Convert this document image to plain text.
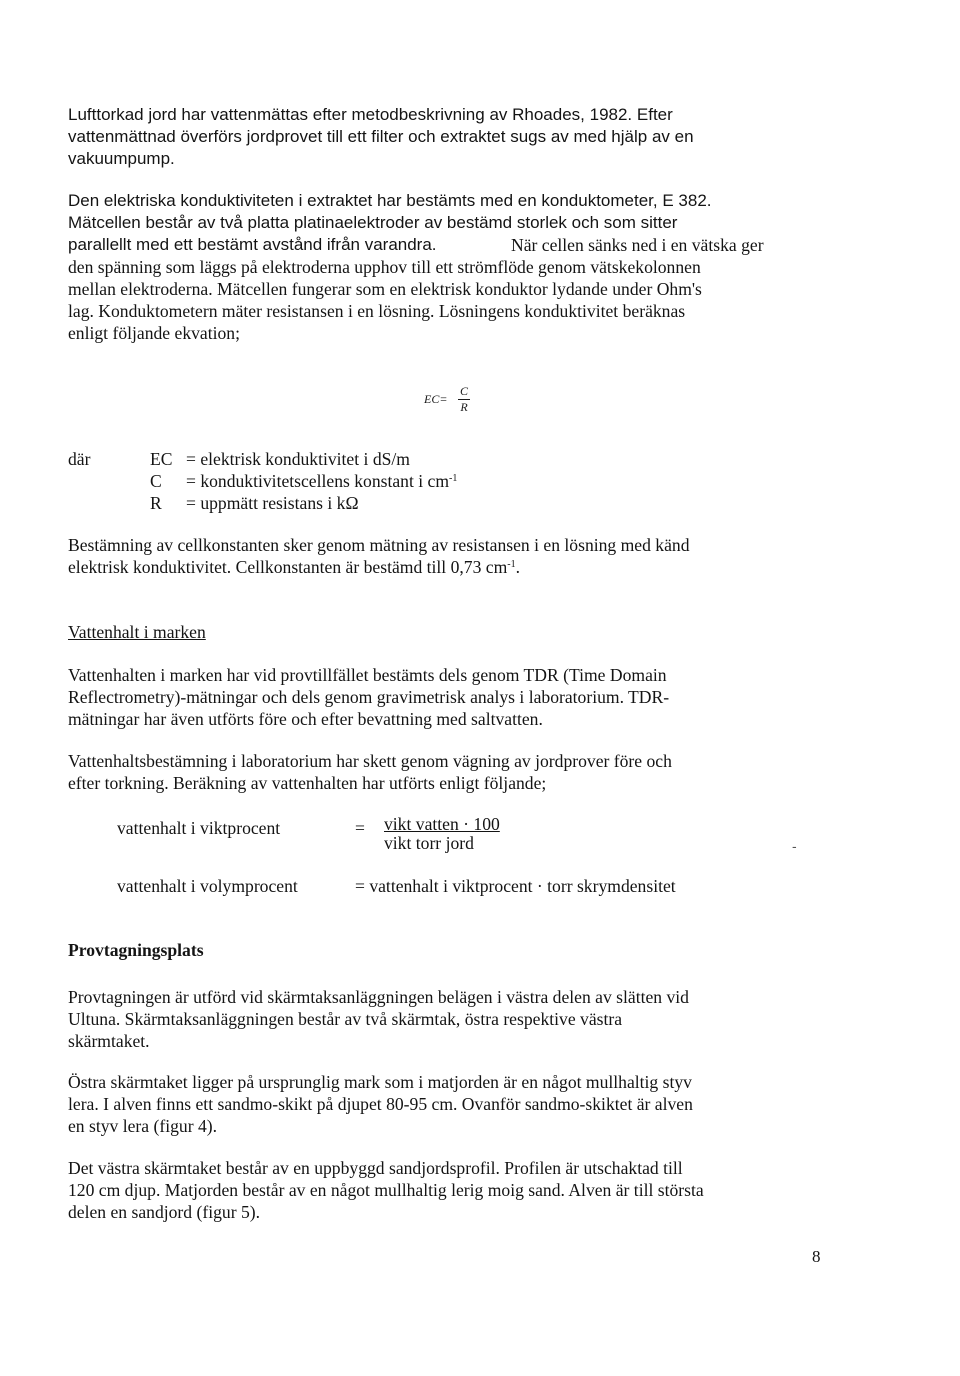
Lufttorkad jord har vattenmättas efter metodbeskrivning av Rhoades, 1982. Efter
vattenmättnad överförs jordprovet till ett filter och extraktet sugs av med hjälp av en
vakuumpump.
Den elektriska konduktiviteten i extraktet har bestämts med en konduktometer, E 382.
Mätcellen består av två platta platinaelektroder av bestämd storlek och som sitter
parallellt med ett bestämt avstånd ifrån varandra.	När cellen sänks ned i en vätska ger
den spänning som läggs på elektroderna upphov till ett strömflöde genom vätskekolonnen
mellan elektroderna. Mätcellen fungerar som en elektrisk konduktor lydande under Ohm's
lag. Konduktometern mäter resistansen i en lösning. Lösningens konduktivitet beräknas
enligt följande ekvation;
EC=
C
R
där	EC = elektrisk konduktivitet i dS/m
C = konduktivitetscellens konstant i $cm^{-1}$
R = uppmätt resistans i kΩ
Bestämning av cellkonstanten sker genom mätning av resistansen i en lösning med känd
elektrisk konduktivitet. Cellkonstanten är bestämd till 0,73 $cm^{-1}$.
Vattenhalt i marken
Vattenhalten i marken har vid provtillfället bestämts dels genom TDR (Time Domain
Reflectrometry)-mätningar och dels genom gravimetrisk analys i laboratorium. TDR-
mätningar har även utförts före och efter bevattning med saltvatten.
Vattenhaltsbestämning i laboratorium har skett genom vägning av jordprover före och
efter torkning. Beräkning av vattenhalten har utförts enligt följande;
vattenhalt i viktprocent	= vikt vatten · 100
vikt torr jord	-
vattenhalt i volymprocent	= vattenhalt i viktprocent · torr skrymdensitet
Provtagningsplats
Provtagningen är utförd vid skärmtaksanläggningen belägen i västra delen av slätten vid
Ultuna. Skärmtaksanläggningen består av två skärmtak, östra respektive västra
skärmtaket.
Östra skärmtaket ligger på ursprunglig mark som i matjorden är en något mullhaltig styv
lera. I alven finns ett sandmo-skikt på djupet 80-95 cm. Ovanför sandmo-skiktet är alven
en styv lera (figur 4).
Det västra skärmtaket består av en uppbyggd sandjordsprofil. Profilen är utschaktad till
120 cm djup. Matjorden består av en något mullhaltig lerig moig sand. Alven är till största
delen en sandjord (figur 5).
8
